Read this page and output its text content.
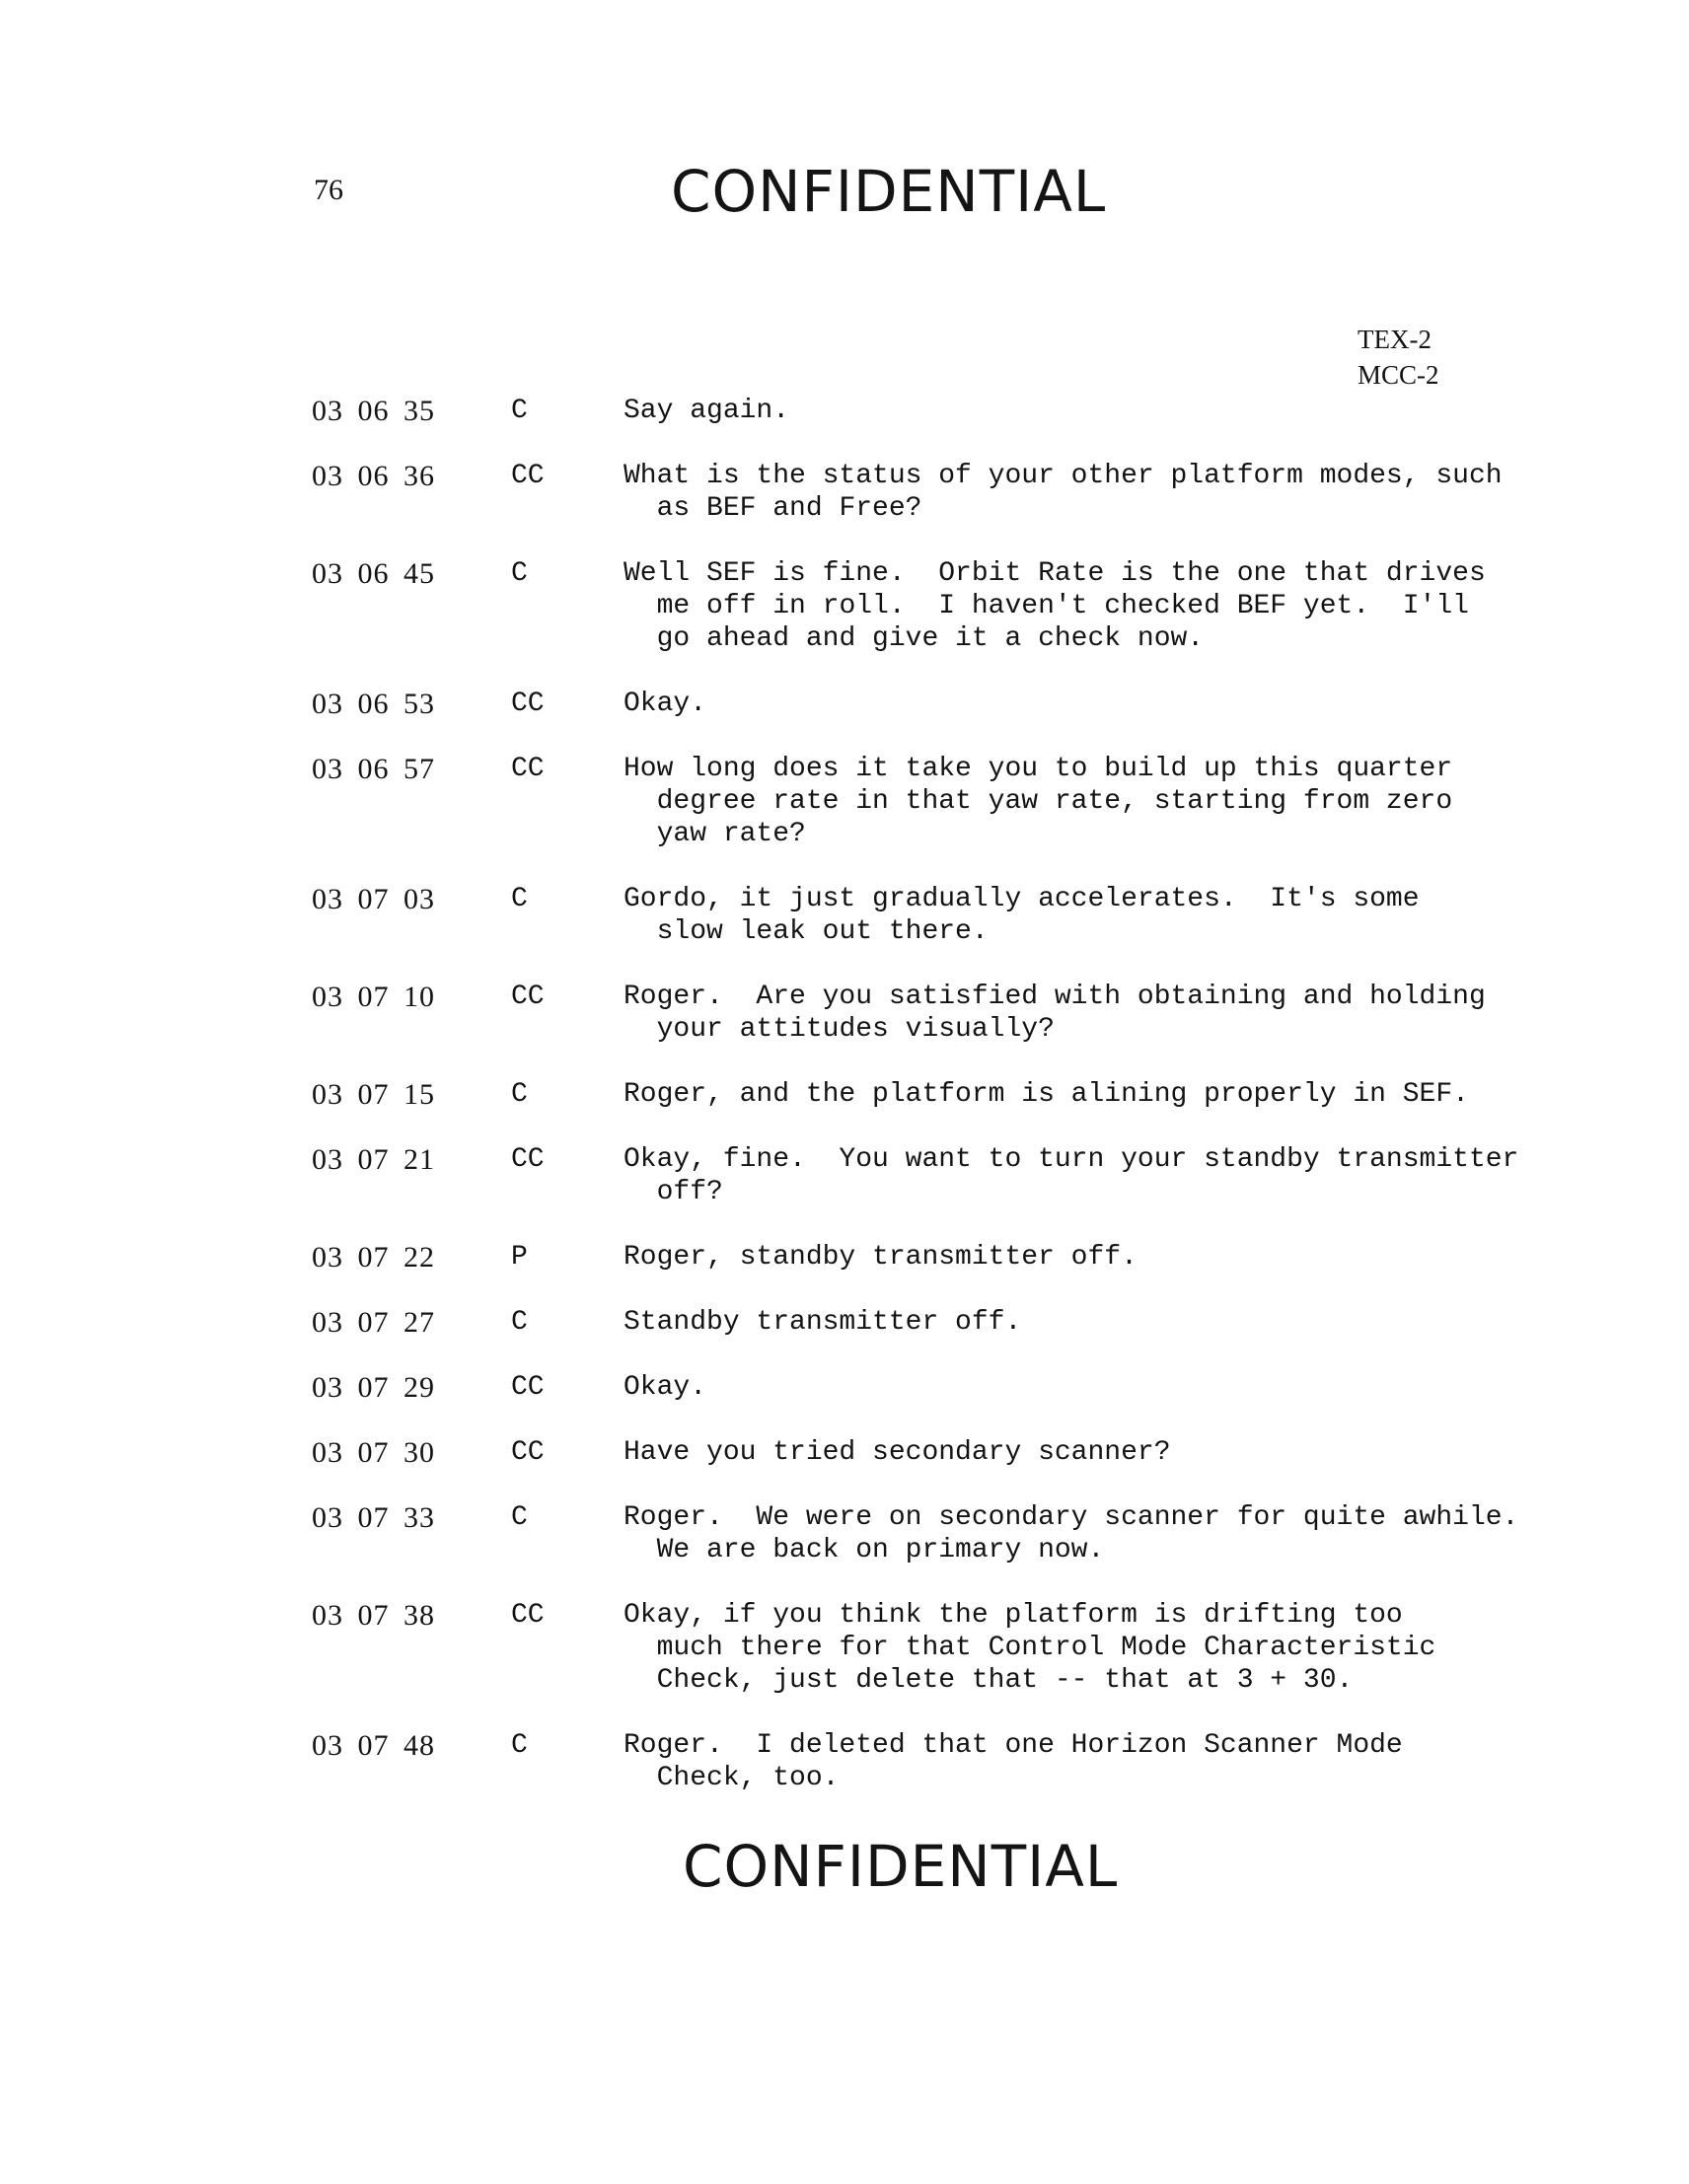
76	CONFIDENTIAL
TEX-2
MCC-2
03 06 35	C	Say again.
03 06 36	CC	What is the status of your other platform modes, such
as BEF and Free?
03 06 45	C	Well SEF is fine.  Orbit Rate is the one that drives
me off in roll.  I haven't checked BEF yet.  I'll
go ahead and give it a check now.
03 06 53	CC	Okay.
03 06 57	CC	How long does it take you to build up this quarter
degree rate in that yaw rate, starting from zero
yaw rate?
03 07 03	C	Gordo, it just gradually accelerates.  It's some
slow leak out there.
03 07 10	CC	Roger.  Are you satisfied with obtaining and holding
your attitudes visually?
03 07 15	C	Roger, and the platform is alining properly in SEF.
03 07 21	CC	Okay, fine.  You want to turn your standby transmitter
off?
03 07 22	P	Roger, standby transmitter off.
03 07 27	C	Standby transmitter off.
03 07 29	CC	Okay.
03 07 30	CC	Have you tried secondary scanner?
03 07 33	C	Roger.  We were on secondary scanner for quite awhile.
We are back on primary now.
03 07 38	CC	Okay, if you think the platform is drifting too
much there for that Control Mode Characteristic
Check, just delete that -- that at 3 + 30.
03 07 48	C	Roger.  I deleted that one Horizon Scanner Mode
Check, too.
CONFIDENTIAL
